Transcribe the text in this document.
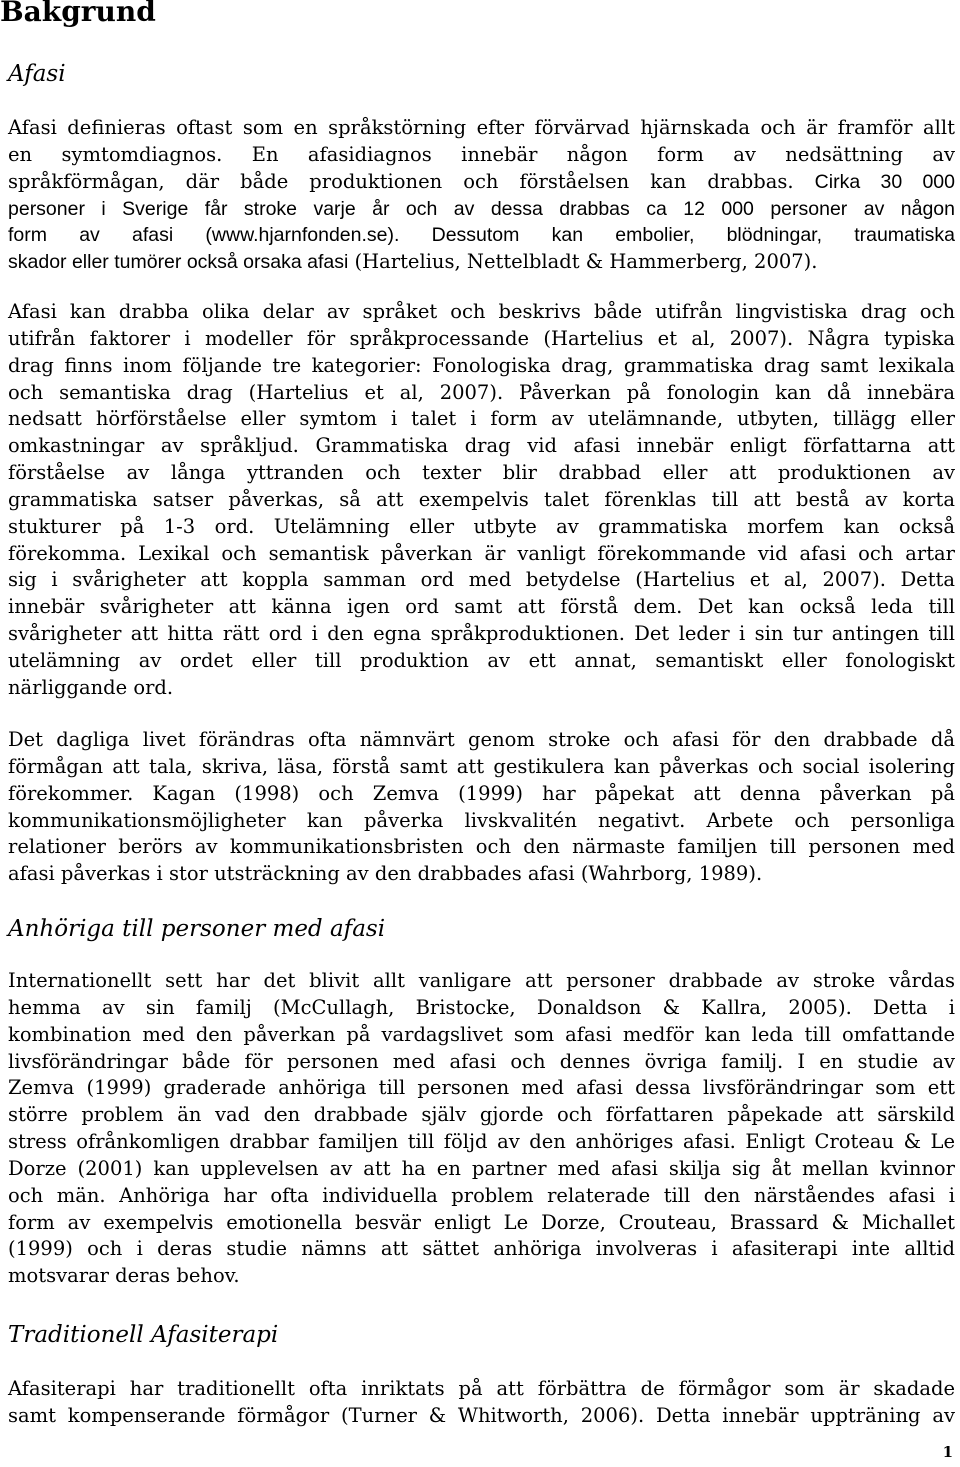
Bakgrund
Afasi
Afasi definieras oftast som en språkstörning efter förvärvad hjärnskada och är framför allt
en symtomdiagnos. En afasidiagnos innebär någon form av nedsättning av
språkförmågan, där både produktionen och förståelsen kan drabbas. Cirka 30 000
personer i Sverige får stroke varje år och av dessa drabbas ca 12 000 personer av någon
form av afasi (www.hjarnfonden.se). Dessutom kan embolier, blödningar, traumatiska
skador eller tumörer också orsaka afasi (Hartelius, Nettelbladt & Hammerberg, 2007).
Afasi kan drabba olika delar av språket och beskrivs både utifrån lingvistiska drag och
utifrån faktorer i modeller för språkprocessande (Hartelius et al, 2007). Några typiska
drag finns inom följande tre kategorier: Fonologiska drag, grammatiska drag samt lexikala
och semantiska drag (Hartelius et al, 2007). Påverkan på fonologin kan då innebära
nedsatt hörförståelse eller symtom i talet i form av utelämnande, utbyten, tillägg eller
omkastningar av språkljud. Grammatiska drag vid afasi innebär enligt författarna att
förståelse av långa yttranden och texter blir drabbad eller att produktionen av
grammatiska satser påverkas, så att exempelvis talet förenklas till att bestå av korta
stukturer på 1-3 ord. Utelämning eller utbyte av grammatiska morfem kan också
förekomma. Lexikal och semantisk påverkan är vanligt förekommande vid afasi och artar
sig i svårigheter att koppla samman ord med betydelse (Hartelius et al, 2007). Detta
innebär svårigheter att känna igen ord samt att förstå dem. Det kan också leda till
svårigheter att hitta rätt ord i den egna språkproduktionen. Det leder i sin tur antingen till
utelämning av ordet eller till produktion av ett annat, semantiskt eller fonologiskt
närliggande ord.
Det dagliga livet förändras ofta nämnvärt genom stroke och afasi för den drabbade då
förmågan att tala, skriva, läsa, förstå samt att gestikulera kan påverkas och social isolering
förekommer. Kagan (1998) och Zemva (1999) har påpekat att denna påverkan på
kommunikationsmöjligheter kan påverka livskvalitén negativt. Arbete och personliga
relationer berörs av kommunikationsbristen och den närmaste familjen till personen med
afasi påverkas i stor utsträckning av den drabbades afasi (Wahrborg, 1989).
Anhöriga till personer med afasi
Internationellt sett har det blivit allt vanligare att personer drabbade av stroke vårdas
hemma av sin familj (McCullagh, Bristocke, Donaldson & Kallra, 2005). Detta i
kombination med den påverkan på vardagslivet som afasi medför kan leda till omfattande
livsförändringar både för personen med afasi och dennes övriga familj. I en studie av
Zemva (1999) graderade anhöriga till personen med afasi dessa livsförändringar som ett
större problem än vad den drabbade själv gjorde och författaren påpekade att särskild
stress ofrånkomligen drabbar familjen till följd av den anhöriges afasi. Enligt Croteau & Le
Dorze (2001) kan upplevelsen av att ha en partner med afasi skilja sig åt mellan kvinnor
och män. Anhöriga har ofta individuella problem relaterade till den närståendes afasi i
form av exempelvis emotionella besvär enligt Le Dorze, Crouteau, Brassard & Michallet
(1999) och i deras studie nämns att sättet anhöriga involveras i afasiterapi inte alltid
motsvarar deras behov.
Traditionell Afasiterapi
Afasiterapi har traditionellt ofta inriktats på att förbättra de förmågor som är skadade
samt kompenserande förmågor (Turner & Whitworth, 2006). Detta innebär uppträning av
1
